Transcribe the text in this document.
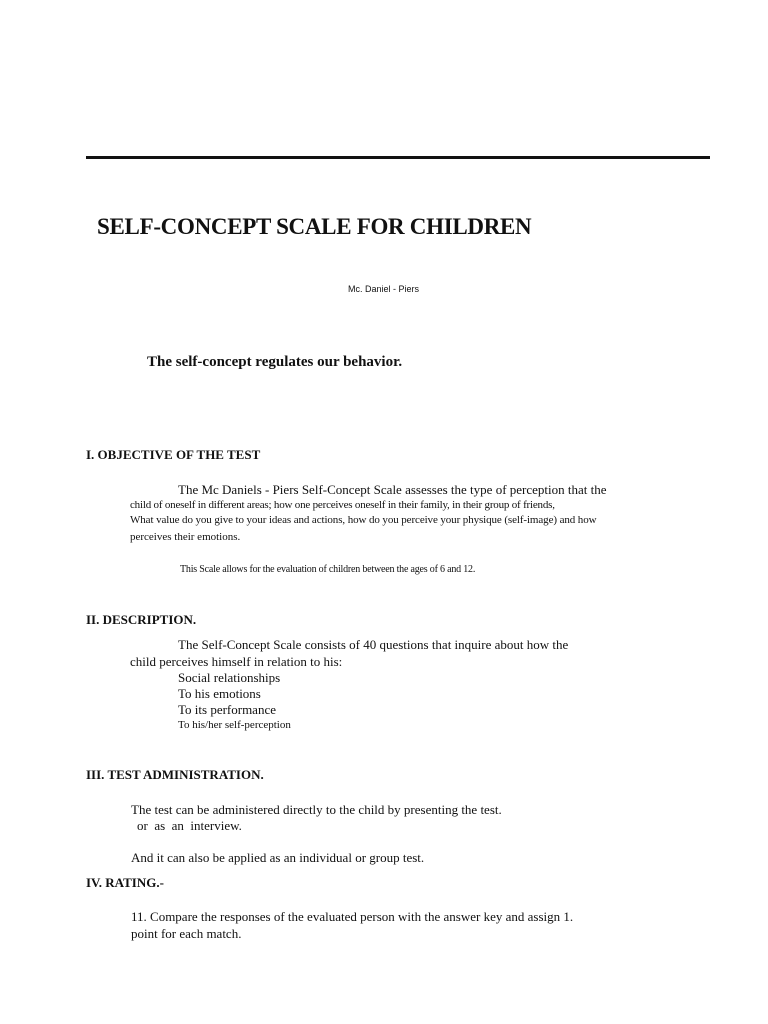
SELF-CONCEPT SCALE FOR CHILDREN
Mc. Daniel - Piers
The self-concept regulates our behavior.
I. OBJECTIVE OF THE TEST
The Mc Daniels - Piers Self-Concept Scale assesses the type of perception that the
child of oneself in different areas; how one perceives oneself in their family, in their group of friends,
What value do you give to your ideas and actions, how do you perceive your physique (self-image) and how
perceives their emotions.
This Scale allows for the evaluation of children between the ages of 6 and 12.
II. DESCRIPTION.
The Self-Concept Scale consists of 40 questions that inquire about how the
child perceives himself in relation to his:
Social relationships
To his emotions
To its performance
To his/her self-perception
III. TEST ADMINISTRATION.
The test can be administered directly to the child by presenting the test.
or  as  an  interview.
And it can also be applied as an individual or group test.
IV. RATING.-
11. Compare the responses of the evaluated person with the answer key and assign 1.
point for each match.
